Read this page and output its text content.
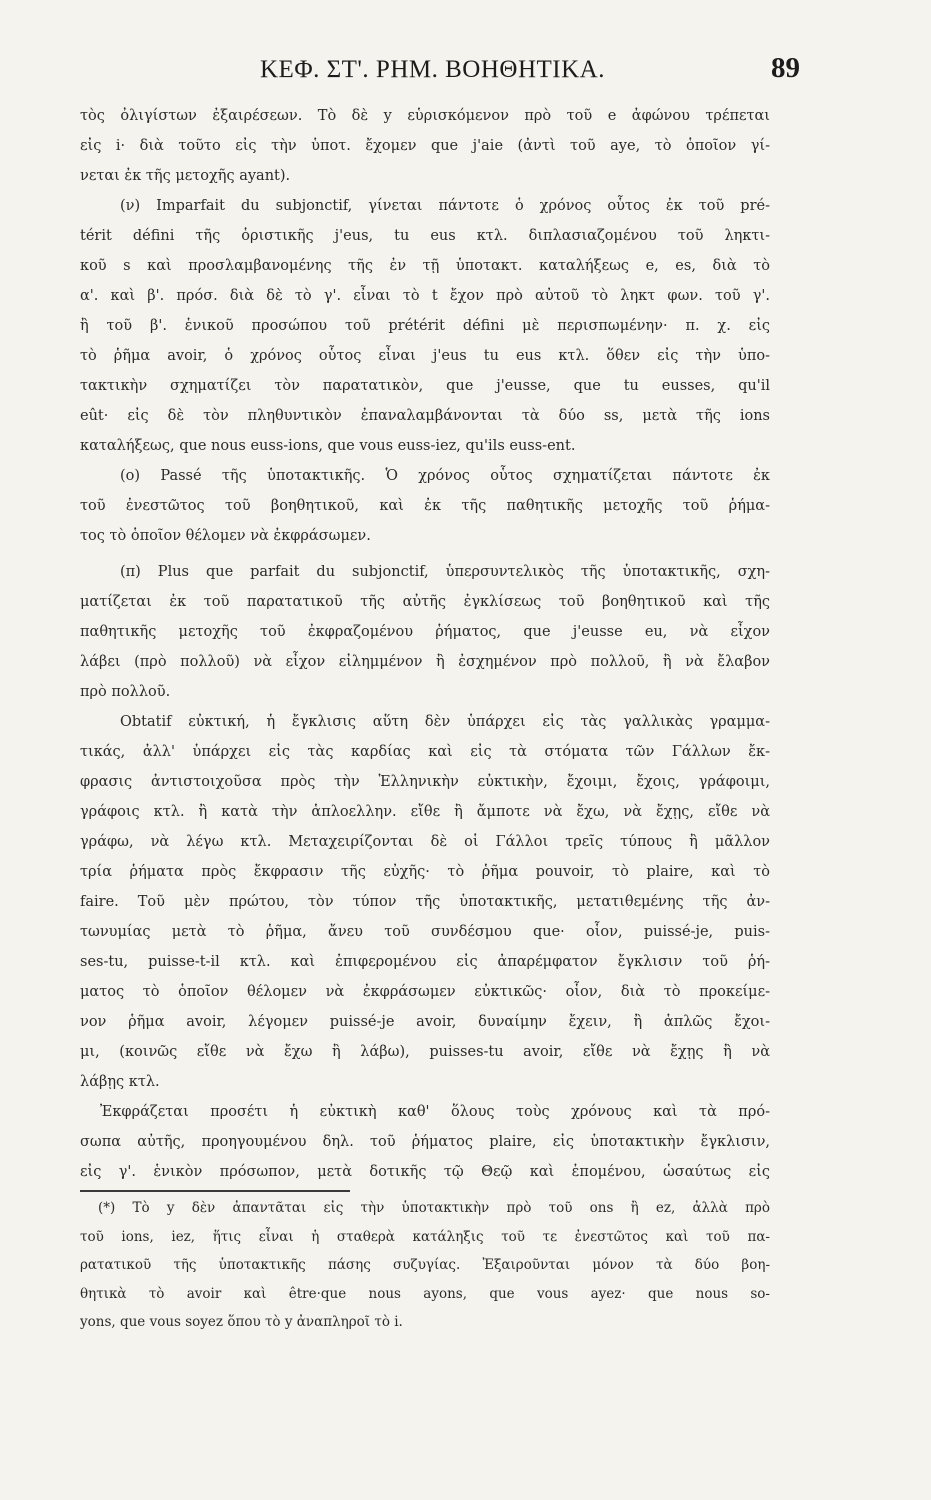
ΚΕΦ. ΣΤ'. ΡΗΜ. ΒΟΗΘΗΤΙΚΑ.	89
τὸς ὀλιγίστων ἐξαιρέσεων. Τὸ δὲ y εὑρισκόμενον πρὸ τοῦ e ἀφώνου τρέπεται
εἰς i· διὰ τοῦτο εἰς τὴν ὑποτ. ἔχομεν que j'aie (ἀντὶ τοῦ aye, τὸ ὁποῖον γί-
νεται ἐκ τῆς μετοχῆς ayant).
(ν) Imparfait du subjonctif, γίνεται πάντοτε ὁ χρόνος οὗτος ἐκ τοῦ pré-
térit défini τῆς ὁριστικῆς j'eus, tu eus κτλ. διπλασιαζομένου τοῦ ληκτι-
κοῦ s καὶ προσλαμβανομένης τῆς ἐν τῇ ὑποτακτ. καταλήξεως e, es, διὰ τὸ
α'. καὶ β'. πρόσ. διὰ δὲ τὸ γ'. εἶναι τὸ t ἔχον πρὸ αὐτοῦ τὸ ληκτ φων. τοῦ γ'.
ἢ τοῦ β'. ἑνικοῦ προσώπου τοῦ prétérit défini μὲ περισπωμένην· π. χ. εἰς
τὸ ῥῆμα avoir, ὁ χρόνος οὗτος εἶναι j'eus tu eus κτλ. ὅθεν εἰς τὴν ὑπο-
τακτικὴν σχηματίζει τὸν παρατατικὸν, que j'eusse, que tu eusses, qu'il
eût· εἰς δὲ τὸν πληθυντικὸν ἐπαναλαμβάνονται τὰ δύο ss, μετὰ τῆς ions
καταλήξεως, que nous euss-ions, que vous euss-iez, qu'ils euss-ent.
(ο) Passé τῆς ὑποτακτικῆς. Ὁ χρόνος οὗτος σχηματίζεται πάντοτε ἐκ
τοῦ ἐνεστῶτος τοῦ βοηθητικοῦ, καὶ ἐκ τῆς παθητικῆς μετοχῆς τοῦ ῥήμα-
τος τὸ ὁποῖον θέλομεν νὰ ἐκφράσωμεν.
(π) Plus que parfait du subjonctif, ὑπερσυντελικὸς τῆς ὑποτακτικῆς, σχη-
ματίζεται ἐκ τοῦ παρατατικοῦ τῆς αὐτῆς ἐγκλίσεως τοῦ βοηθητικοῦ καὶ τῆς
παθητικῆς μετοχῆς τοῦ ἐκφραζομένου ῥήματος, que j'eusse eu, νὰ εἶχον
λάβει (πρὸ πολλοῦ) νὰ εἶχον εἰλημμένον ἢ ἐσχημένον πρὸ πολλοῦ, ἢ νὰ ἔλαβον
πρὸ πολλοῦ.
Obtatif εὐκτική, ἡ ἔγκλισις αὕτη δὲν ὑπάρχει εἰς τὰς γαλλικὰς γραμμα-
τικάς, ἀλλ' ὑπάρχει εἰς τὰς καρδίας καὶ εἰς τὰ στόματα τῶν Γάλλων ἔκ-
φρασις ἀντιστοιχοῦσα πρὸς τὴν Ἑλληνικὴν εὐκτικὴν, ἔχοιμι, ἔχοις, γράφοιμι,
γράφοις κτλ. ἢ κατὰ τὴν ἁπλοελλην. εἴθε ἢ ἄμποτε νὰ ἔχω, νὰ ἔχῃς, εἴθε νὰ
γράφω, νὰ λέγω κτλ. Μεταχειρίζονται δὲ οἱ Γάλλοι τρεῖς τύπους ἢ μᾶλλον
τρία ῥήματα πρὸς ἔκφρασιν τῆς εὐχῆς· τὸ ῥῆμα pouvoir, τὸ plaire, καὶ τὸ
faire. Τοῦ μὲν πρώτου, τὸν τύπον τῆς ὑποτακτικῆς, μετατιθεμένης τῆς ἀν-
τωνυμίας μετὰ τὸ ῥῆμα, ἄνευ τοῦ συνδέσμου que· οἷον, puissé-je, puis-
ses-tu, puisse-t-il κτλ. καὶ ἐπιφερομένου εἰς ἀπαρέμφατον ἔγκλισιν τοῦ ῥή-
ματος τὸ ὁποῖον θέλομεν νὰ ἐκφράσωμεν εὐκτικῶς· οἷον, διὰ τὸ προκείμε-
νον ῥῆμα avoir, λέγομεν puissé-je avoir, δυναίμην ἔχειν, ἢ ἁπλῶς ἔχοι-
μι, (κοινῶς εἴθε νὰ ἔχω ἢ λάβω), puisses-tu avoir, εἴθε νὰ ἔχῃς ἢ νὰ
λάβῃς κτλ.
Ἐκφράζεται προσέτι ἡ εὐκτικὴ καθ' ὅλους τοὺς χρόνους καὶ τὰ πρό-
σωπα αὐτῆς, προηγουμένου δηλ. τοῦ ῥήματος plaire, εἰς ὑποτακτικὴν ἔγκλισιν,
εἰς γ'. ἑνικὸν πρόσωπον, μετὰ δοτικῆς τῷ Θεῷ καὶ ἑπομένου, ὡσαύτως εἰς
(*) Τὸ y δὲν ἀπαντᾶται εἰς τὴν ὑποτακτικὴν πρὸ τοῦ ons ἢ ez, ἀλλὰ πρὸ
τοῦ ions, iez, ἥτις εἶναι ἡ σταθερὰ κατάληξις τοῦ τε ἐνεστῶτος καὶ τοῦ πα-
ρατατικοῦ τῆς ὑποτακτικῆς πάσης συζυγίας. Ἐξαιροῦνται μόνον τὰ δύο βοη-
θητικὰ τὸ avoir καὶ être·que nous ayons, que vous ayez· que nous so-
yons, que vous soyez ὅπου τὸ y ἀναπληροῖ τὸ i.
